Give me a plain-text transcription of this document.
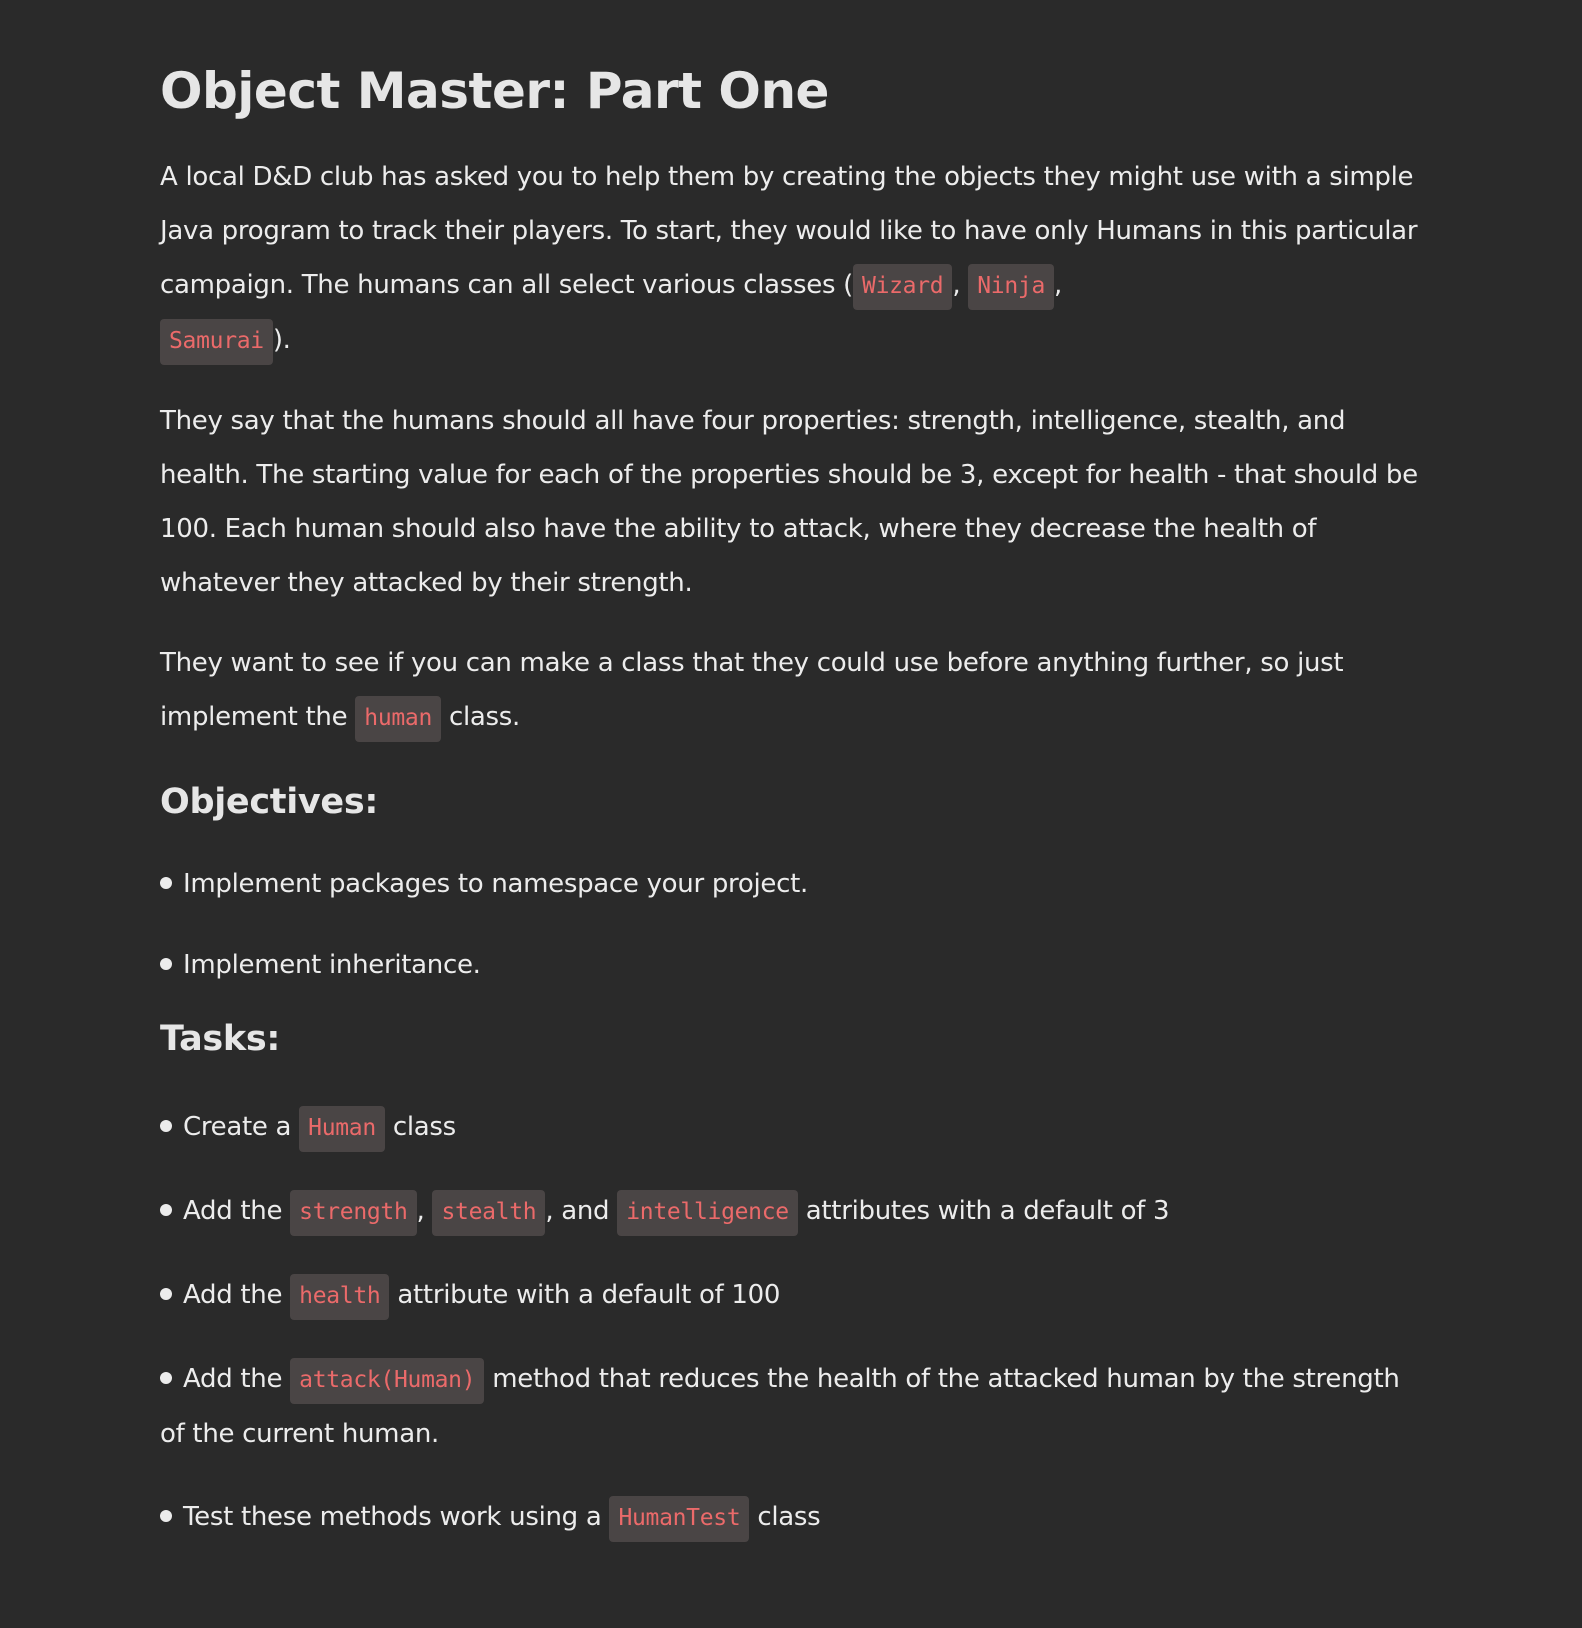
Object Master: Part One

A local D&D club has asked you to help them by creating the objects they might use with a simple Java program to track their players. To start, they would like to have only Humans in this particular campaign. The humans can all select various classes ( Wizard , Ninja ,
Samurai ).

They say that the humans should all have four properties: strength, intelligence, stealth, and health. The starting value for each of the properties should be 3, except for health - that should be 100. Each human should also have the ability to attack, where they decrease the health of whatever they attacked by their strength.

They want to see if you can make a class that they could use before anything further, so just implement the human class.

Objectives:
Implement packages to namespace your project.
Implement inheritance.
Tasks:
Create a Human class
Add the strength , stealth , and intelligence attributes with a default of 3
Add the health attribute with a default of 100
Add the attack(Human) method that reduces the health of the attacked human by the strength of the current human.
Test these methods work using a HumanTest class
